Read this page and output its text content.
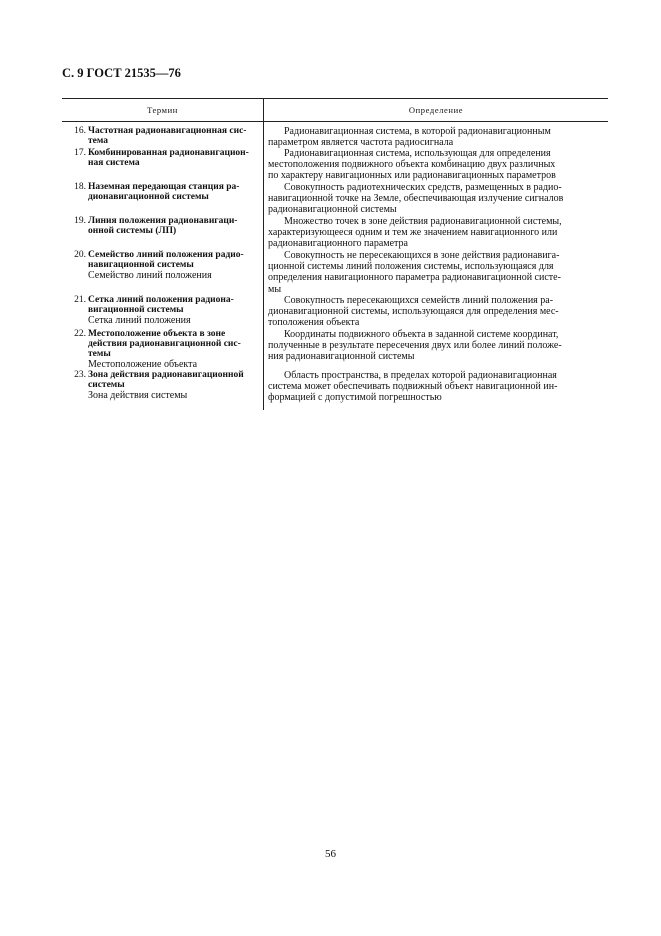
С. 9 ГОСТ 21535—76
Термин	Определение
16. Частотная радионавигационная сис-
тема
17. Комбинированная радионавигацион-
ная система
18. Наземная передающая станция ра-
дионавигационной системы
19. Линия положения радионавигаци-
онной системы (ЛП)
20. Семейство линий положения радио-
навигационной системы
Семейство линий положения
21. Сетка линий положения радиона-
вигационной системы
Сетка линий положения
22. Местоположение объекта в зоне
действия радионавигационной сис-
темы
Местоположение объекта
23. Зона действия радионавигационной
системы
Зона действия системы
Радионавигационная система, в которой радионавигационным
параметром является частота радиосигнала
Радионавигационная система, использующая для определения
местоположения подвижного объекта комбинацию двух различных
по характеру навигационных или радионавигационных параметров
Совокупность радиотехнических средств, размещенных в радио-
навигационной точке на Земле, обеспечивающая излучение сигналов
радионавигационной системы
Множество точек в зоне действия радионавигационной системы,
характеризующееся одним и тем же значением навигационного или
радионавигационного параметра
Совокупность не пересекающихся в зоне действия радионавига-
ционной системы линий положения системы, использующаяся для
определения навигационного параметра радионавигационной систе-
мы
Совокупность пересекающихся семейств линий положения ра-
дионавигационной системы, использующаяся для определения мес-
тоположения объекта
Координаты подвижного объекта в заданной системе координат,
полученные в результате пересечения двух или более линий положе-
ния радионавигационной системы
Область пространства, в пределах которой радионавигационная
система может обеспечивать подвижный объект навигационной ин-
формацией с допустимой погрешностью
56
